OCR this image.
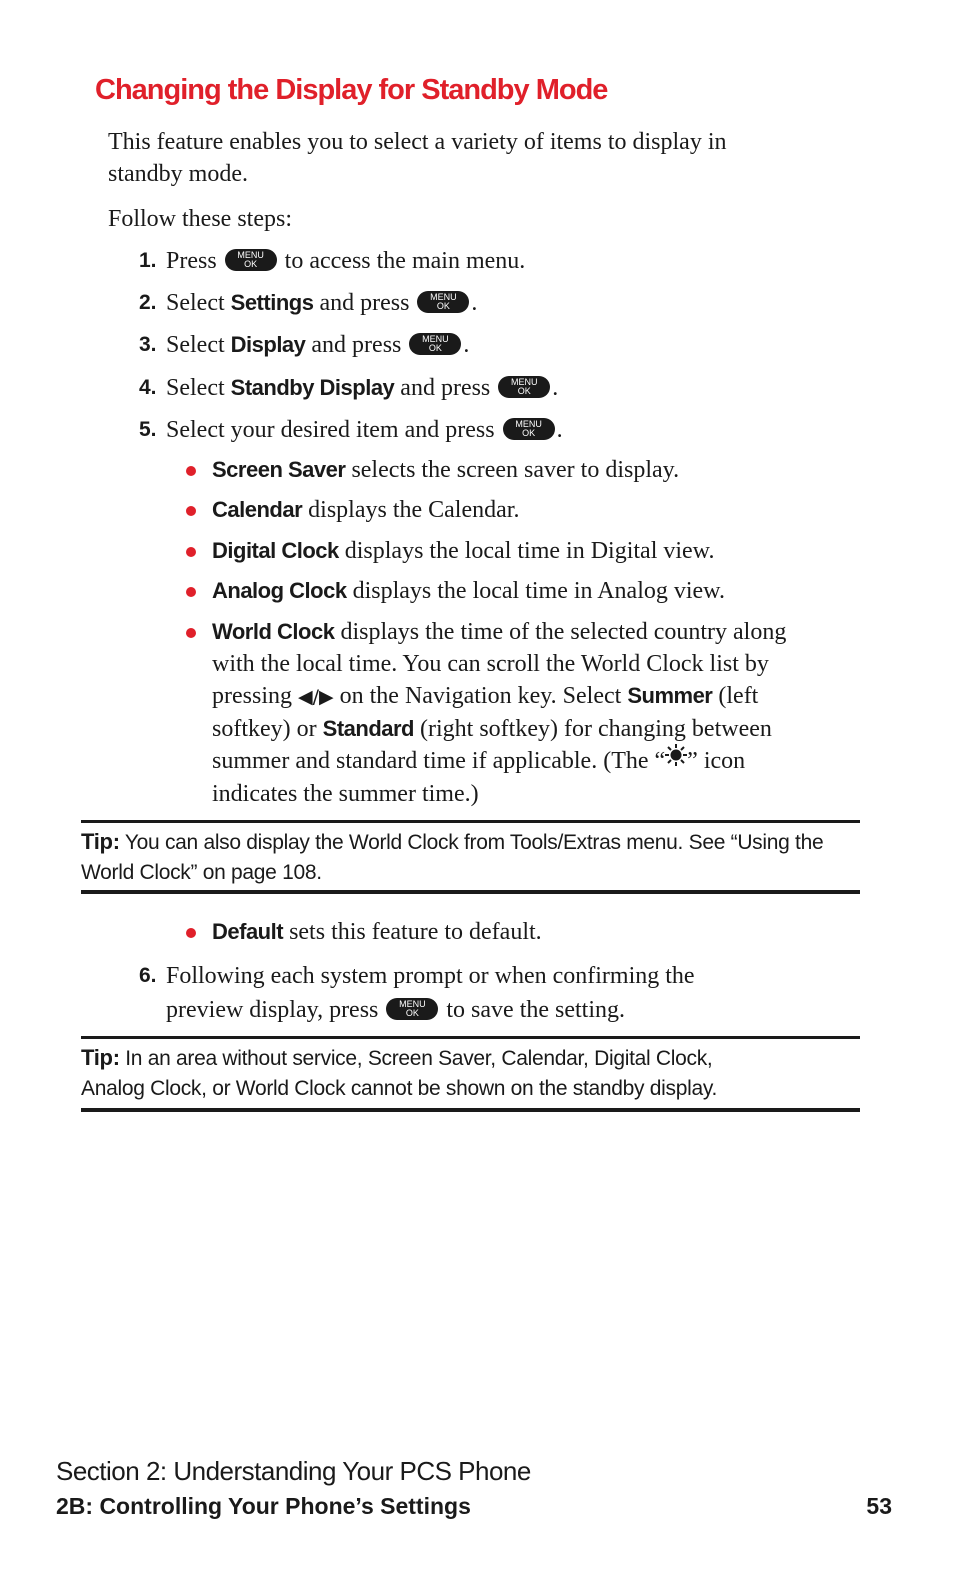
Changing the Display for Standby Mode
This feature enables you to select a variety of items to display in
standby mode.
Follow these steps:
1. Press	MENU
OK	to access the main menu.
2. Select Settings and press	MENU
OK .
3. Select Display and press	MENU
OK .
4. Select Standby Display and press	MENU
OK .
5. Select your desired item and press	MENU
OK .
Screen Saver selects the screen saver to display.
Calendar displays the Calendar.
Digital Clock displays the local time in Digital view.
Analog Clock displays the local time in Analog view.
World Clock displays the time of the selected country along
with the local time. You can scroll the World Clock list by
pressing ◀/▶ on the Navigation key. Select Summer (left
softkey) or Standard (right softkey) for changing between
summer and standard time if applicable. (The “ ” icon
indicates the summer time.)
Tip: You can also display the World Clock from Tools/Extras menu. See “Using the
World Clock” on page 108.
Default sets this feature to default.
6. Following each system prompt or when confirming the
preview display, press	MENU
OK	to save the setting.
Tip: In an area without service, Screen Saver, Calendar, Digital Clock,
Analog Clock, or World Clock cannot be shown on the standby display.
Section 2: Understanding Your PCS Phone
2B: Controlling Your Phone’s Settings	53
